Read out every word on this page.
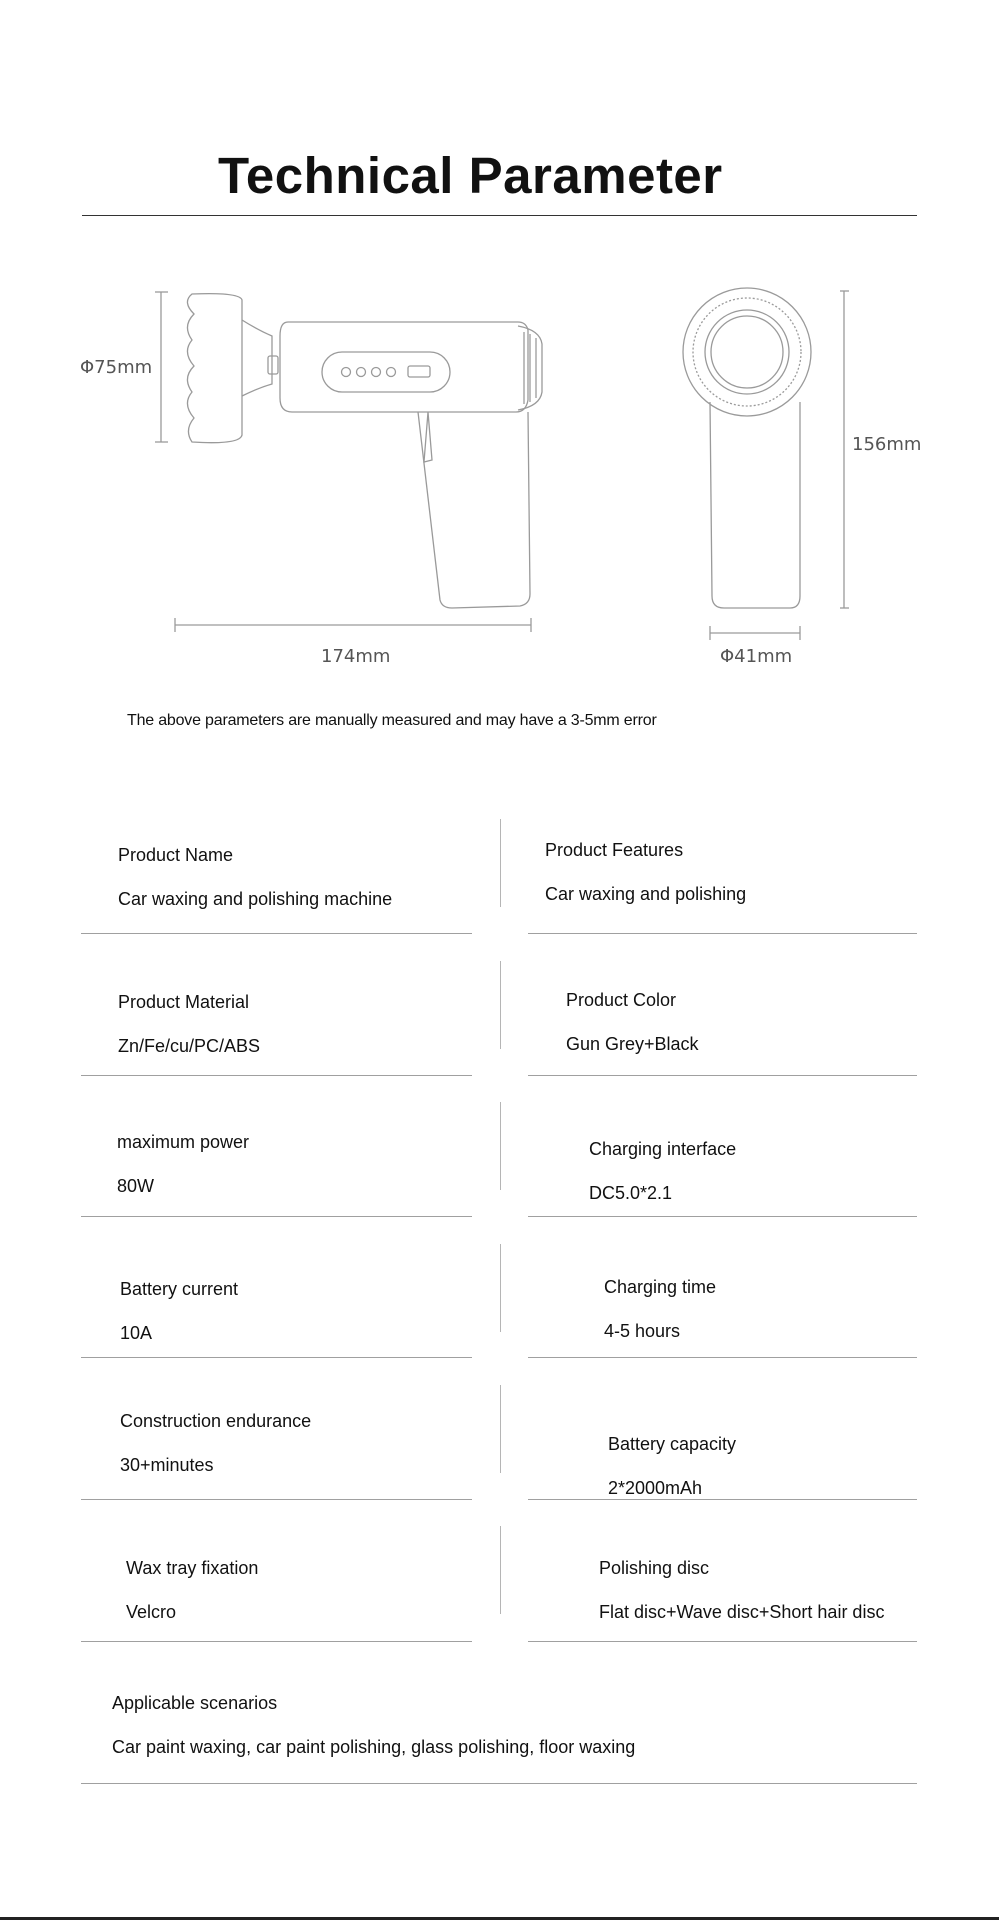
Technical Parameter
Φ75mm
174mm
156mm
Φ41mm
The above parameters are manually measured and may have a 3-5mm error
Product Name
Car waxing and polishing machine
Product Features
Car waxing and polishing
Product Material
Zn/Fe/cu/PC/ABS
Product Color
Gun Grey+Black
maximum power
80W
Charging interface
DC5.0*2.1
Battery current
10A
Charging time
4-5 hours
Construction endurance
30+minutes
Battery capacity
2*2000mAh
Wax tray fixation
Velcro
Polishing disc
Flat disc+Wave disc+Short hair disc
Applicable scenarios
Car paint waxing, car paint polishing, glass polishing, floor waxing
